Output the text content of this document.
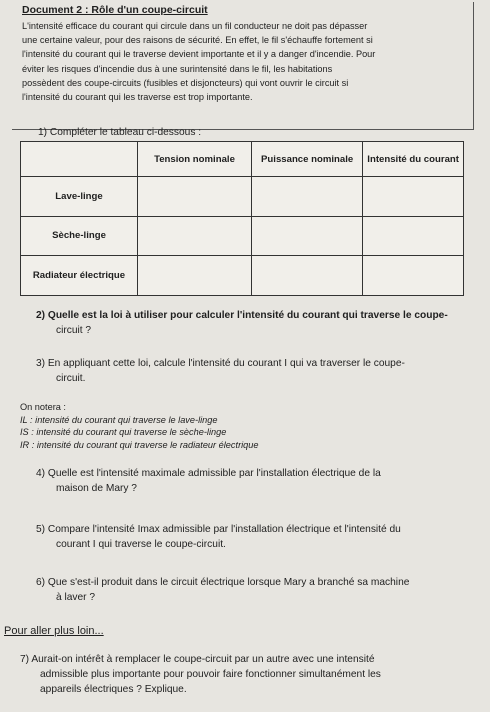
Document 2 : Rôle d'un coupe-circuit
L'intensité efficace du courant qui circule dans un fil conducteur ne doit pas dépasser
une certaine valeur, pour des raisons de sécurité. En effet, le fil s'échauffe fortement si
l'intensité du courant qui le traverse devient importante et il y a danger d'incendie. Pour
éviter les risques d'incendie dus à une surintensité dans le fil, les habitations
possèdent des coupe-circuits (fusibles et disjoncteurs) qui vont ouvrir le circuit si
l'intensité du courant qui les traverse est trop importante.
1) Compléter le tableau ci-dessous :
	Tension nominale	Puissance nominale	Intensité du courant
Lave-linge			
Sèche-linge			
Radiateur électrique			
2) Quelle est la loi à utiliser pour calculer l'intensité du courant qui traverse le coupe-
circuit ?
3) En appliquant cette loi, calcule l'intensité du courant I qui va traverser le coupe-
circuit.
On notera :
IL : intensité du courant qui traverse le lave-linge
IS : intensité du courant qui traverse le sèche-linge
IR : intensité du courant qui traverse le radiateur électrique
4) Quelle est l'intensité maximale admissible par l'installation électrique de la
maison de Mary ?
5) Compare l'intensité Imax admissible par l'installation électrique et l'intensité du
courant I qui traverse le coupe-circuit.
6) Que s'est-il produit dans le circuit électrique lorsque Mary a branché sa machine
à laver ?
Pour aller plus loin...
7) Aurait-on intérêt à remplacer le coupe-circuit par un autre avec une intensité
admissible plus importante pour pouvoir faire fonctionner simultanément les
appareils électriques ? Explique.
